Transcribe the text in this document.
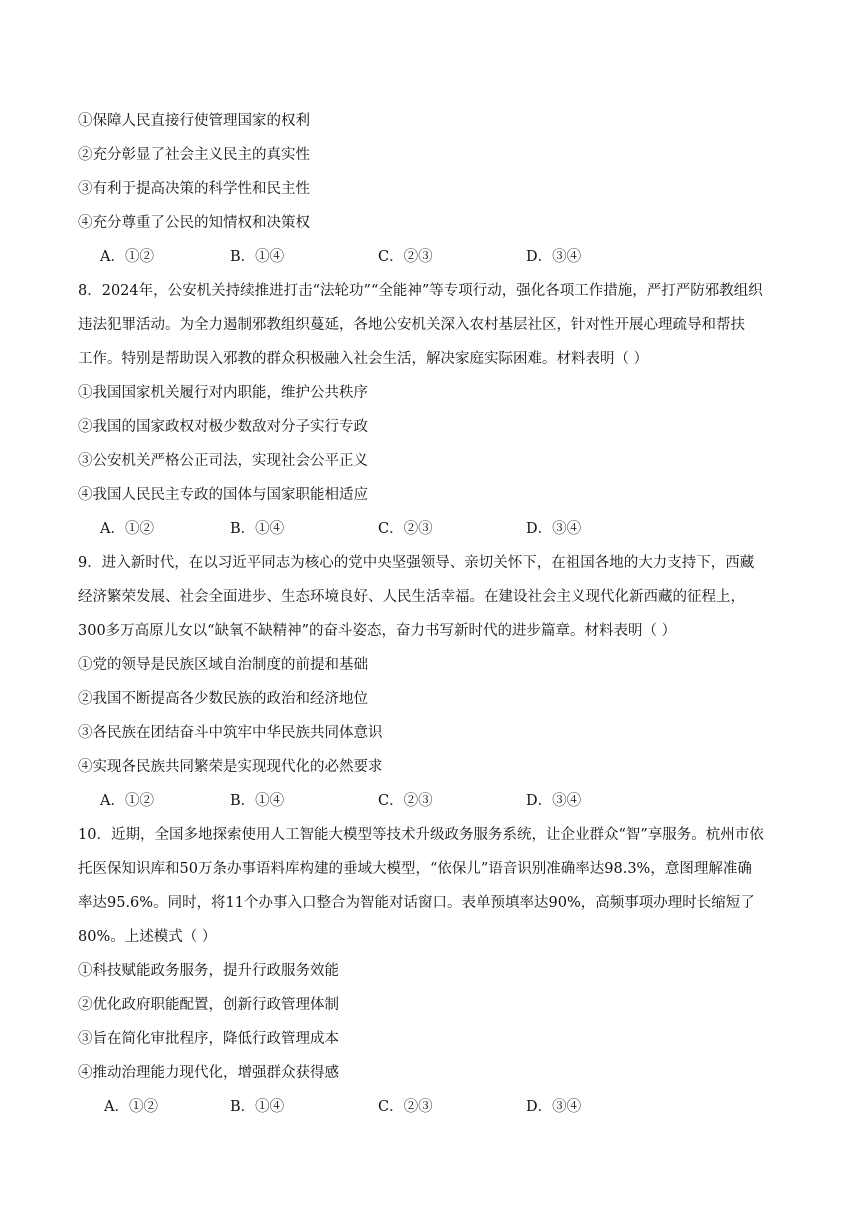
①保障人民直接行使管理国家的权利
②充分彰显了社会主义民主的真实性
③有利于提高决策的科学性和民主性
④充分尊重了公民的知情权和决策权
A．①②	B．①④	C．②③	D．③④
8．2024年，公安机关持续推进打击“法轮功”“全能神”等专项行动，强化各项工作措施，严打严防邪教组织
违法犯罪活动。为全力遏制邪教组织蔓延，各地公安机关深入农村基层社区，针对性开展心理疏导和帮扶
工作。特别是帮助误入邪教的群众积极融入社会生活，解决家庭实际困难。材料表明（ ）
①我国国家机关履行对内职能，维护公共秩序
②我国的国家政权对极少数敌对分子实行专政
③公安机关严格公正司法，实现社会公平正义
④我国人民民主专政的国体与国家职能相适应
A．①②	B．①④	C．②③	D．③④
9．进入新时代，在以习近平同志为核心的党中央坚强领导、亲切关怀下，在祖国各地的大力支持下，西藏
经济繁荣发展、社会全面进步、生态环境良好、人民生活幸福。在建设社会主义现代化新西藏的征程上，
300多万高原儿女以“缺氧不缺精神”的奋斗姿态，奋力书写新时代的进步篇章。材料表明（ ）
①党的领导是民族区域自治制度的前提和基础
②我国不断提高各少数民族的政治和经济地位
③各民族在团结奋斗中筑牢中华民族共同体意识
④实现各民族共同繁荣是实现现代化的必然要求
A．①②	B．①④	C．②③	D．③④
10．近期，全国多地探索使用人工智能大模型等技术升级政务服务系统，让企业群众“智”享服务。杭州市依
托医保知识库和50万条办事语料库构建的垂域大模型，“依保儿”语音识别准确率达98.3%，意图理解准确
率达95.6%。同时，将11个办事入口整合为智能对话窗口。表单预填率达90%，高频事项办理时长缩短了
80%。上述模式（ ）
①科技赋能政务服务，提升行政服务效能
②优化政府职能配置，创新行政管理体制
③旨在简化审批程序，降低行政管理成本
④推动治理能力现代化，增强群众获得感
A．①②	B．①④	C．②③	D．③④
